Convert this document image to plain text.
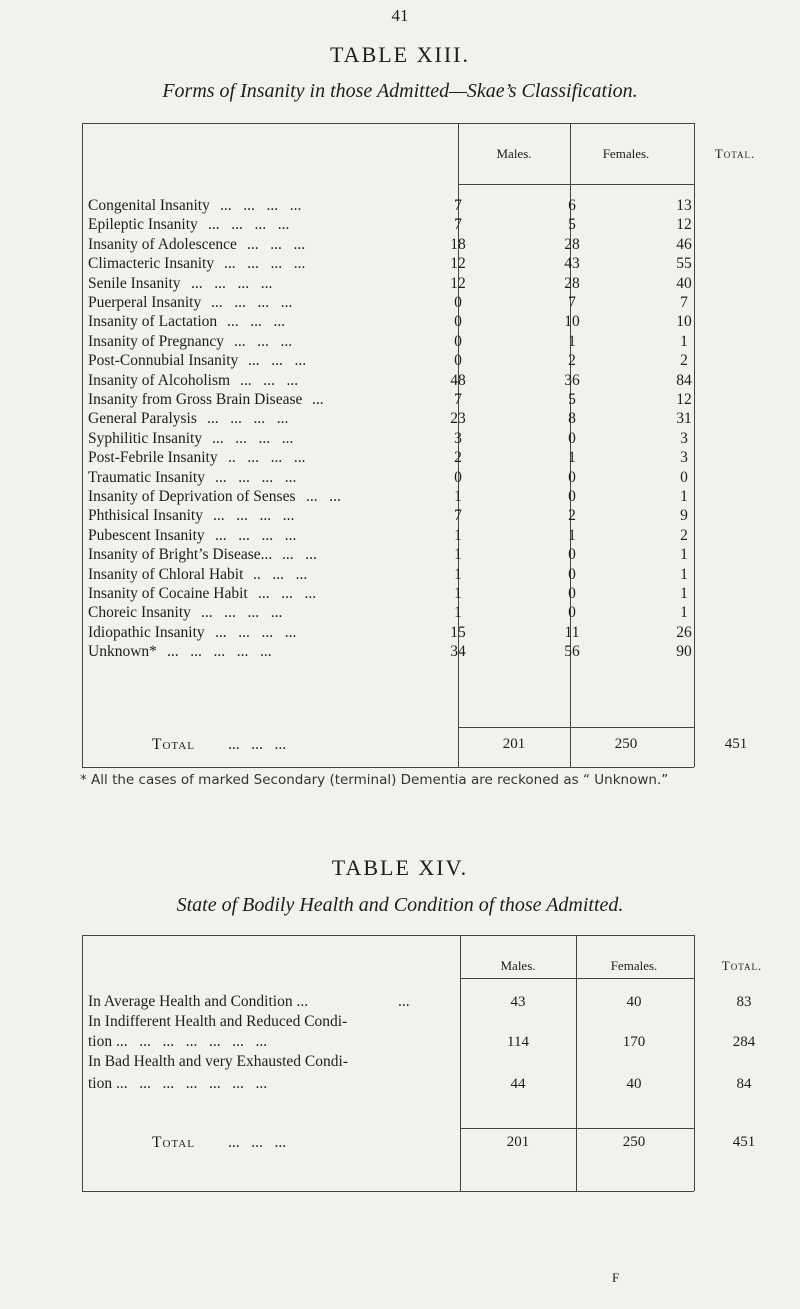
41
TABLE XIII.
Forms of Insanity in those Admitted—Skae’s Classification.
Males.	Females.	Total.
Congenital Insanity ...   ...   ...   ...	7	6	13
Epileptic Insanity ...   ...   ...   ...	7	5	12
Insanity of Adolescence ...   ...   ...	18	28	46
Climacteric Insanity ...   ...   ...   ...	12	43	55
Senile Insanity ...   ...   ...   ...	12	28	40
Puerperal Insanity ...   ...   ...   ...	0	7	7
Insanity of Lactation ...   ...   ...	0	10	10
Insanity of Pregnancy ...   ...   ...	0	1	1
Post-Connubial Insanity ...   ...   ...	0	2	2
Insanity of Alcoholism ...   ...   ...	48	36	84
Insanity from Gross Brain Disease ...	7	5	12
General Paralysis ...   ...   ...   ...	23	8	31
Syphilitic Insanity ...   ...   ...   ...	3	0	3
Post-Febrile Insanity ..   ...   ...   ...	2	1	3
Traumatic Insanity ...   ...   ...   ...	0	0	0
Insanity of Deprivation of Senses ...   ...	1	0	1
Phthisical Insanity ...   ...   ...   ...	7	2	9
Pubescent Insanity ...   ...   ...   ...	1	1	2
Insanity of Bright’s Disease... ...   ...	1	0	1
Insanity of Chloral Habit ..   ...   ...	1	0	1
Insanity of Cocaine Habit ...   ...   ...	1	0	1
Choreic Insanity ...   ...   ...   ...	1	0	1
Idiopathic Insanity ...   ...   ...   ...	15	11	26
Unknown* ...   ...   ...   ...   ...	34	56	90
Total ...   ...   ...	201	250	451
* All the cases of marked Secondary (terminal) Dementia are reckoned as “ Unknown.”
TABLE XIV.
State of Bodily Health and Condition of those Admitted.
Males.	Females.	Total.
In Average Health and Condition ...	...	43	40	83
In Indifferent Health and Reduced Condi-
tion ...   ...   ...   ...   ...   ...   ...	114	170	284
In Bad Health and very Exhausted Condi-
tion ...   ...   ...   ...   ...   ...   ...	44	40	84
Total ...   ...   ...	201	250	451
F
